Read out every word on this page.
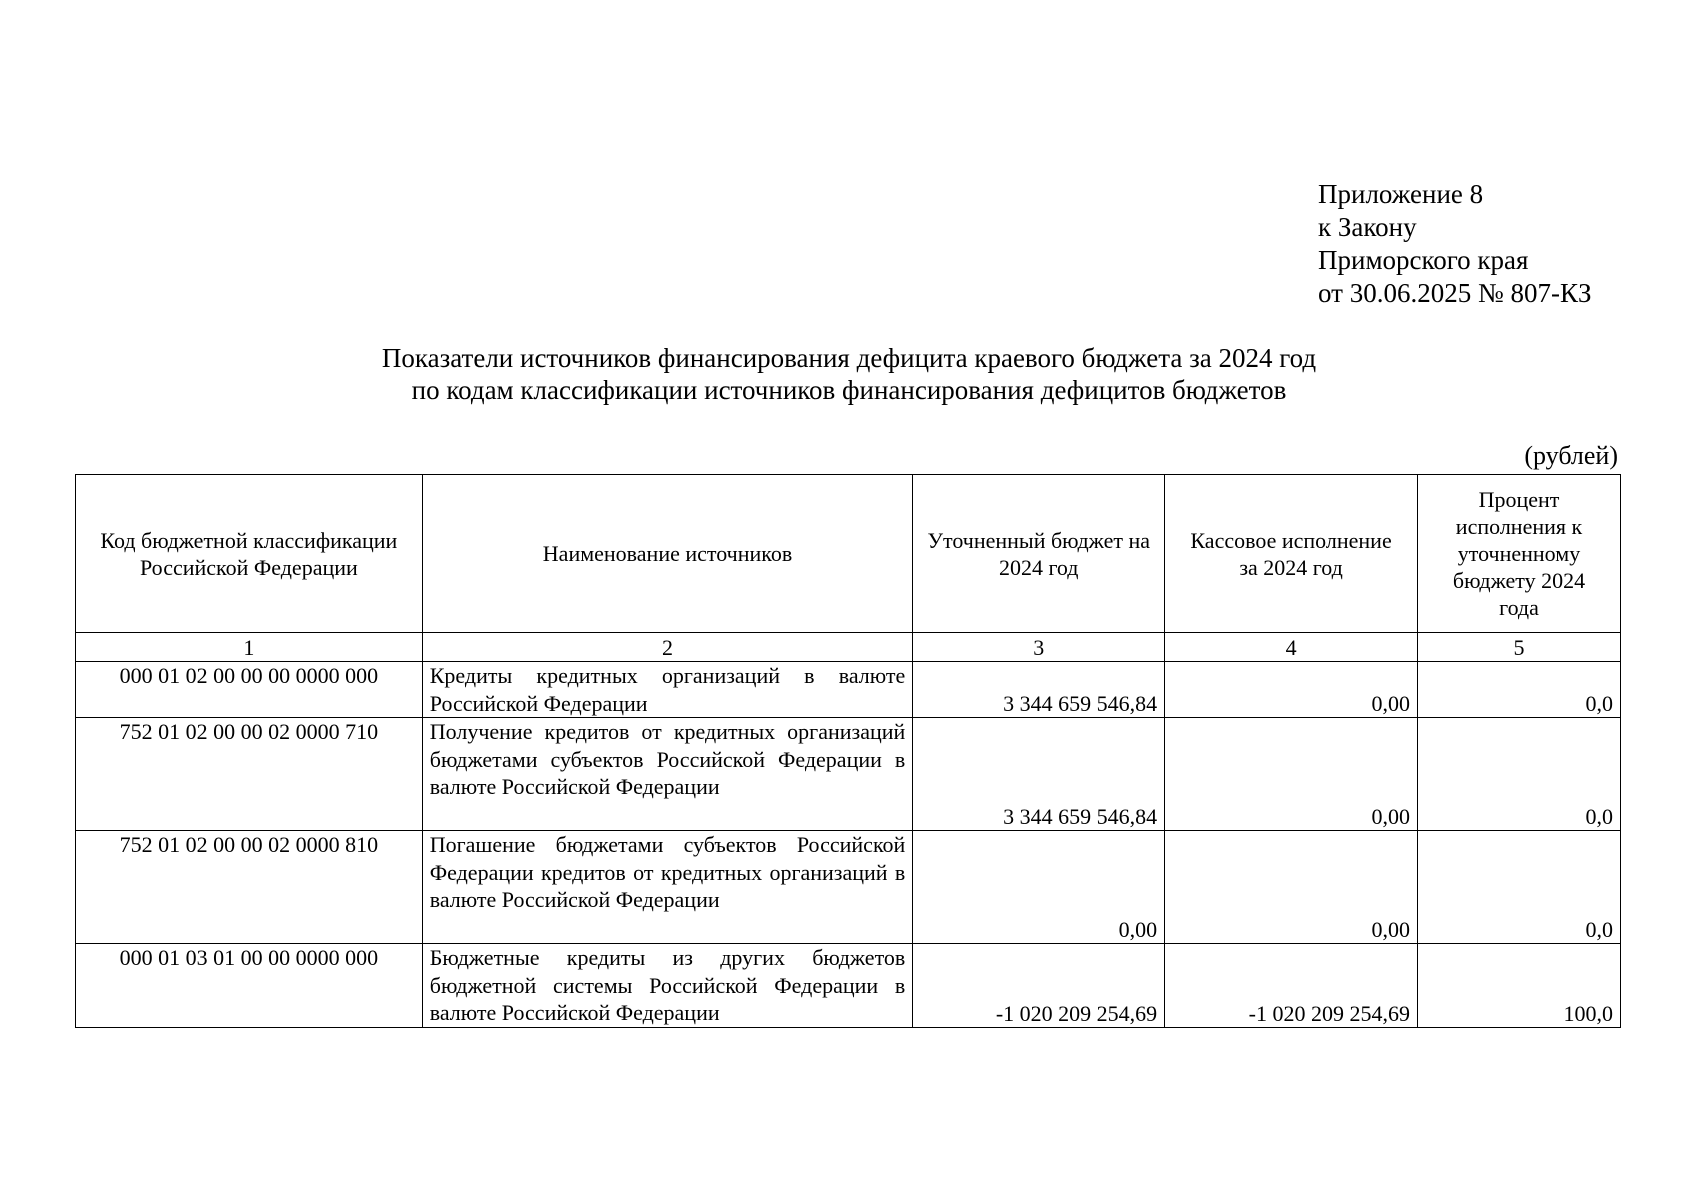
Приложение 8
к Закону
Приморского края
от 30.06.2025 № 807-КЗ
Показатели источников финансирования дефицита краевого бюджета за 2024 год
по кодам классификации источников финансирования дефицитов бюджетов
(рублей)
Код бюджетной классификации Российской Федерации	Наименование источников	Уточненный бюджет на 2024 год	Кассовое исполнение за 2024 год	Процент исполнения к уточненному бюджету 2024 года
1	2	3	4	5
000 01 02 00 00 00 0000 000	Кредиты кредитных организаций в валюте Российской Федерации	3 344 659 546,84	0,00	0,0
752 01 02 00 00 02 0000 710	Получение кредитов от кредитных организаций бюджетами субъектов Российской Федерации в валюте Российской Федерации	3 344 659 546,84	0,00	0,0
752 01 02 00 00 02 0000 810	Погашение бюджетами субъектов Российской Федерации кредитов от кредитных организаций в валюте Российской Федерации	0,00	0,00	0,0
000 01 03 01 00 00 0000 000	Бюджетные кредиты из других бюджетов бюджетной системы Российской Федерации в валюте Российской Федерации	-1 020 209 254,69	-1 020 209 254,69	100,0
